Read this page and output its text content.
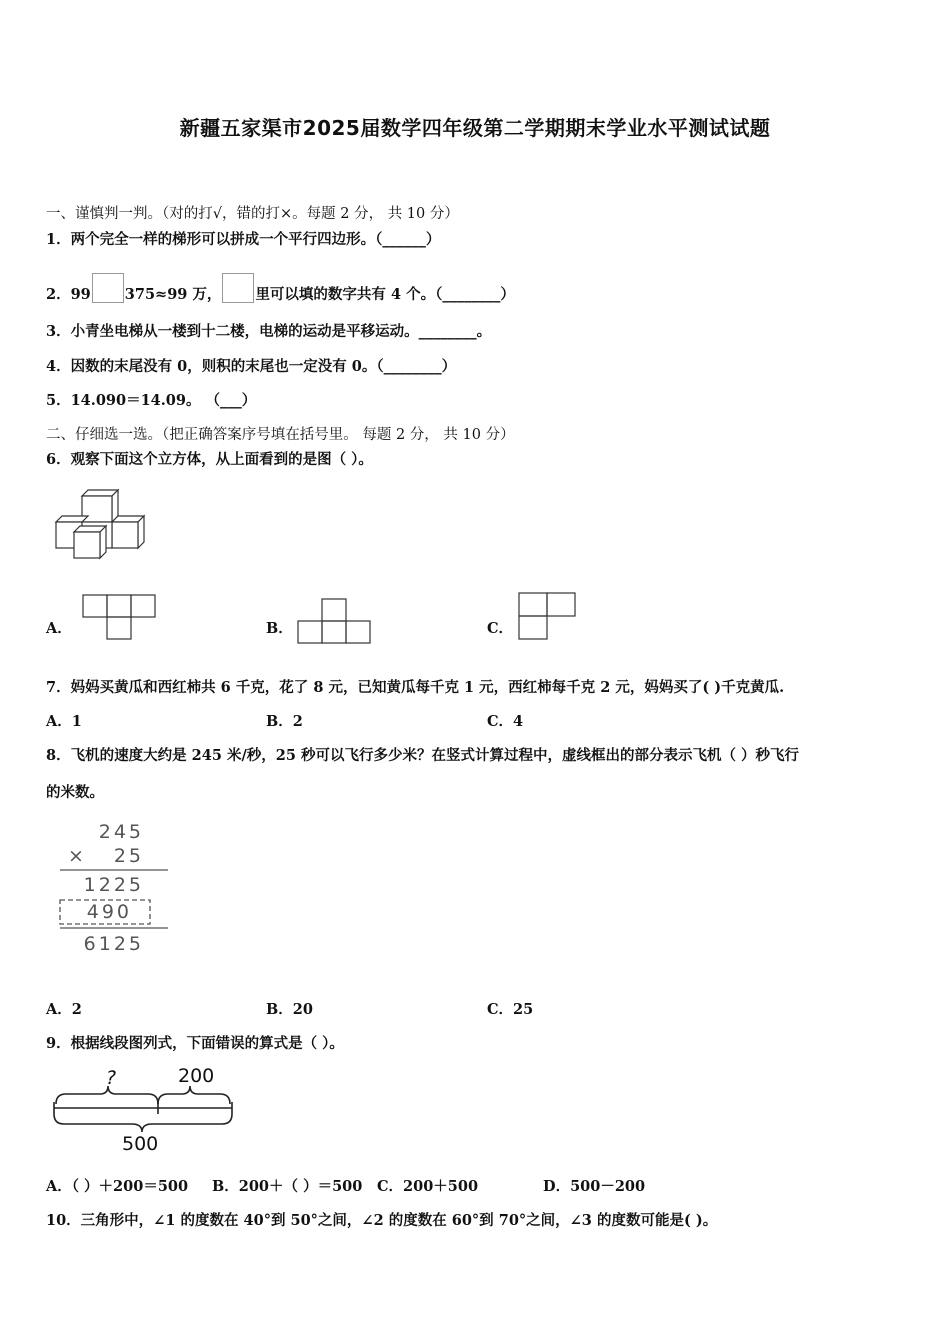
新疆五家渠市2025届数学四年级第二学期期末学业水平测试试题
一、谨慎判一判。（对的打√，错的打×。每题 2 分， 共 10 分）
1．两个完全一样的梯形可以拼成一个平行四边形。（______）
2．99 375≈99 万， 里可以填的数字共有 4 个。（________）
3．小青坐电梯从一楼到十二楼，电梯的运动是平移运动。________。
4．因数的末尾没有 0，则积的末尾也一定没有 0。（________）
5．14.090＝14.09。 （___）
二、仔细选一选。（把正确答案序号填在括号里。 每题 2 分， 共 10 分）
6．观察下面这个立方体，从上面看到的是图（ ）。
A．	B．	C．
7．妈妈买黄瓜和西红柿共 6 千克，花了 8 元，已知黄瓜每千克 1 元，西红柿每千克 2 元，妈妈买了( )千克黄瓜.
A．1	B．2	C．4
8．飞机的速度大约是 245 米/秒，25 秒可以飞行多少米？在竖式计算过程中，虚线框出的部分表示飞机（ ）秒飞行
的米数。
245
× 25
1225
490
6125
A．2	B．20	C．25
9．根据线段图列式，下面错误的算式是（ ）。
?	200
500
A．（ ）＋200＝500 B．200＋（ ）＝500 C．200＋500	D．500－200
10．三角形中，∠1 的度数在 40°到 50°之间，∠2 的度数在 60°到 70°之间，∠3 的度数可能是( )。
